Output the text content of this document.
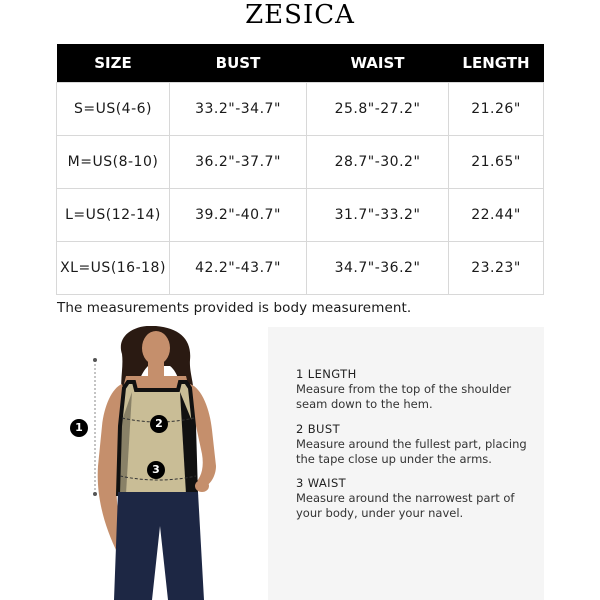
ZESICA
SIZE	BUST	WAIST	LENGTH
S=US(4-6)	33.2"-34.7"	25.8"-27.2"	21.26"
M=US(8-10)	36.2"-37.7"	28.7"-30.2"	21.65"
L=US(12-14)	39.2"-40.7"	31.7"-33.2"	22.44"
XL=US(16-18)	42.2"-43.7"	34.7"-36.2"	23.23"
The measurements provided is body measurement.
1	2
3
1 LENGTH
Measure from the top of the shoulder
seam down to the hem.
2 BUST
Measure around the fullest part, placing
the tape close up under the arms.
3 WAIST
Measure around the narrowest part of
your body, under your navel.
